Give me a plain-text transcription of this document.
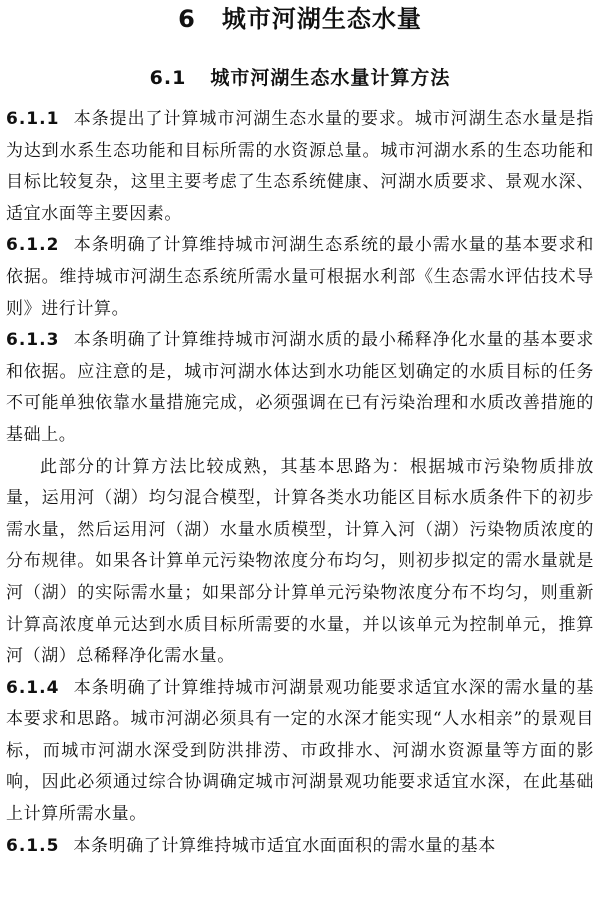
6 城市河湖生态水量
6.1 城市河湖生态水量计算方法

6.1.1 本条提出了计算城市河湖生态水量的要求。城市河湖生态水量是指为达到水系生态功能和目标所需的水资源总量。城市河湖水系的生态功能和目标比较复杂，这里主要考虑了生态系统健康、河湖水质要求、景观水深、适宜水面等主要因素。

6.1.2 本条明确了计算维持城市河湖生态系统的最小需水量的基本要求和依据。维持城市河湖生态系统所需水量可根据水利部《生态需水评估技术导则》进行计算。

6.1.3 本条明确了计算维持城市河湖水质的最小稀释净化水量的基本要求和依据。应注意的是，城市河湖水体达到水功能区划确定的水质目标的任务不可能单独依靠水量措施完成，必须强调在已有污染治理和水质改善措施的基础上。

此部分的计算方法比较成熟，其基本思路为：根据城市污染物质排放量，运用河（湖）均匀混合模型，计算各类水功能区目标水质条件下的初步需水量，然后运用河（湖）水量水质模型，计算入河（湖）污染物质浓度的分布规律。如果各计算单元污染物浓度分布均匀，则初步拟定的需水量就是河（湖）的实际需水量；如果部分计算单元污染物浓度分布不均匀，则重新计算高浓度单元达到水质目标所需要的水量，并以该单元为控制单元，推算河（湖）总稀释净化需水量。

6.1.4 本条明确了计算维持城市河湖景观功能要求适宜水深的需水量的基本要求和思路。城市河湖必须具有一定的水深才能实现“人水相亲”的景观目标，而城市河湖水深受到防洪排涝、市政排水、河湖水资源量等方面的影响，因此必须通过综合协调确定城市河湖景观功能要求适宜水深，在此基础上计算所需水量。

6.1.5 本条明确了计算维持城市适宜水面面积的需水量的基本
